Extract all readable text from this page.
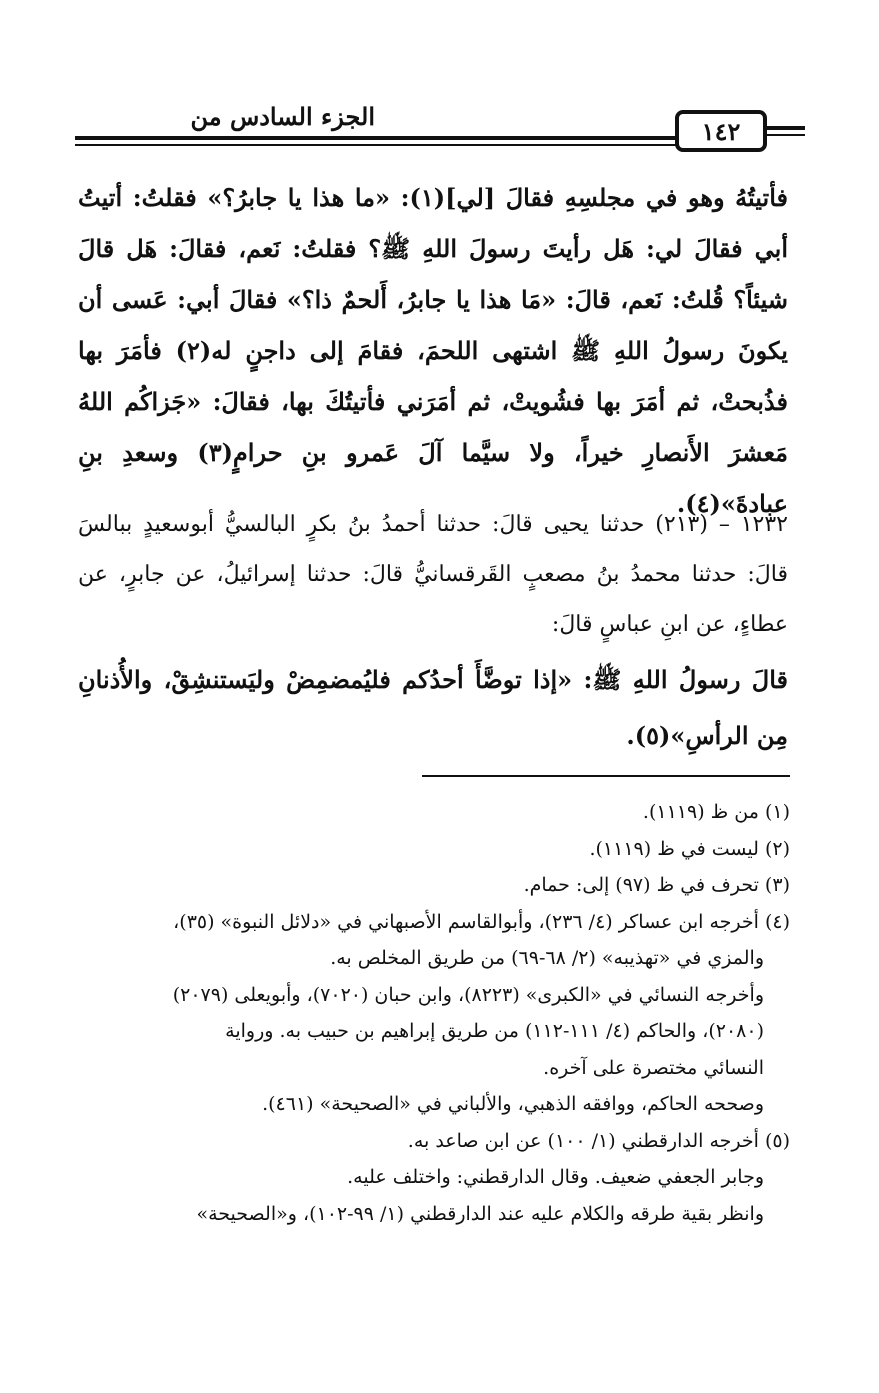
الجزء السادس من	١٤٢

فأتيتُهُ وهو في مجلسِهِ فقالَ [لي](١): «ما هذا يا جابرُ؟» فقلتُ: أتيتُ أبي فقالَ لي: هَل رأيتَ رسولَ اللهِ ﷺ؟ فقلتُ: نَعم، فقالَ: هَل قالَ شيئاً؟ قُلتُ: نَعم، قالَ: «مَا هذا يا جابرُ، أَلحمٌ ذا؟» فقالَ أبي: عَسى أن يكونَ رسولُ اللهِ ﷺ اشتهى اللحمَ، فقامَ إلى داجنٍ له(٢) فأمَرَ بها فذُبحتْ، ثم أمَرَ بها فشُويتْ، ثم أمَرَني فأتيتُكَ بها، فقالَ: «جَزاكُم اللهُ مَعشرَ الأَنصارِ خيراً، ولا سيَّما آلَ عَمرو بنِ حرامٍ(٣) وسعدِ بنِ عبادةَ»(٤).

١٢٣٢ – (٢١٣) حدثنا يحيى قالَ: حدثنا أحمدُ بنُ بكرٍ البالسيُّ أبوسعيدٍ ببالسَ قالَ: حدثنا محمدُ بنُ مصعبٍ القَرقسانيُّ قالَ: حدثنا إسرائيلُ، عن جابرٍ، عن عطاءٍ، عن ابنِ عباسٍ قالَ:

قالَ رسولُ اللهِ ﷺ: «إذا توضَّأَ أحدُكم فليُمضمِضْ وليَستنشِقْ، والأُذنانِ مِن الرأسِ»(٥).

(١) من ظ (١١١٩).
(٢) ليست في ظ (١١١٩).
(٣) تحرف في ظ (٩٧) إلى: حمام.
(٤) أخرجه ابن عساكر (٤/ ٢٣٦)، وأبوالقاسم الأصبهاني في «دلائل النبوة» (٣٥)،
والمزي في «تهذيبه» (٢/ ٦٨-٦٩) من طريق المخلص به.
وأخرجه النسائي في «الكبرى» (٨٢٢٣)، وابن حبان (٧٠٢٠)، وأبويعلى (٢٠٧٩)
(٢٠٨٠)، والحاكم (٤/ ١١١-١١٢) من طريق إبراهيم بن حبيب به. ورواية
النسائي مختصرة على آخره.
وصححه الحاكم، ووافقه الذهبي، والألباني في «الصحيحة» (٤٦١).
(٥) أخرجه الدارقطني (١/ ١٠٠) عن ابن صاعد به.
وجابر الجعفي ضعيف. وقال الدارقطني: واختلف عليه.
وانظر بقية طرقه والكلام عليه عند الدارقطني (١/ ٩٩-١٠٢)، و«الصحيحة»
